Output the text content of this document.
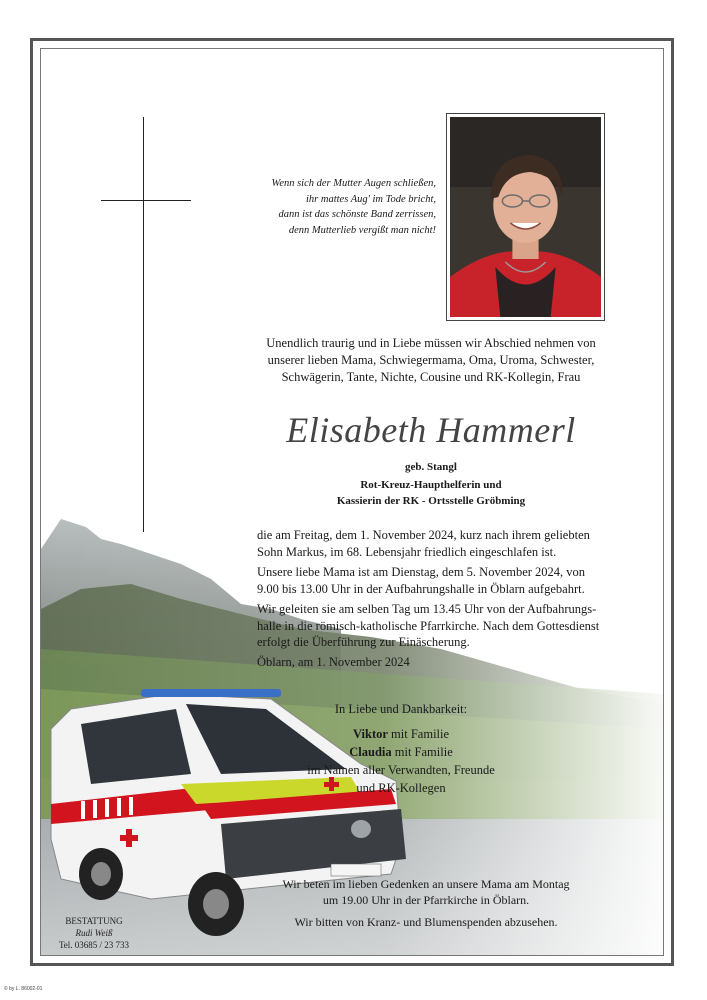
Wenn sich der Mutter Augen schließen,
ihr mattes Aug' im Tode bricht,
dann ist das schönste Band zerrissen,
denn Mutterlieb vergißt man nicht!
Unendlich traurig und in Liebe müssen wir Abschied nehmen von
unserer lieben Mama, Schwiegermama, Oma, Uroma, Schwester,
Schwägerin, Tante, Nichte, Cousine und RK-Kollegin, Frau
Elisabeth Hammerl
geb. Stangl
Rot-Kreuz-Haupthelferin und
Kassierin der RK - Ortsstelle Gröbming
die am Freitag, dem 1. November 2024, kurz nach ihrem geliebten
Sohn Markus, im 68. Lebensjahr friedlich eingeschlafen ist.
Unsere liebe Mama ist am Dienstag, dem 5. November 2024, von
9.00 bis 13.00 Uhr in der Aufbahrungshalle in Öblarn aufgebahrt.
Wir geleiten sie am selben Tag um 13.45 Uhr von der Aufbahrungs-
halle in die römisch-katholische Pfarrkirche. Nach dem Gottesdienst
erfolgt die Überführung zur Einäscherung.
Öblarn, am 1. November 2024
In Liebe und Dankbarkeit:
Viktor mit Familie
Claudia mit Familie
im Namen aller Verwandten, Freunde
und RK-Kollegen
Wir beten im lieben Gedenken an unsere Mama am Montag
um 19.00 Uhr in der Pfarrkirche in Öblarn.
Wir bitten von Kranz- und Blumenspenden abzusehen.
BESTATTUNG
Rudi Weiß
Tel. 03685 / 23 733
© by L. 86002-01
